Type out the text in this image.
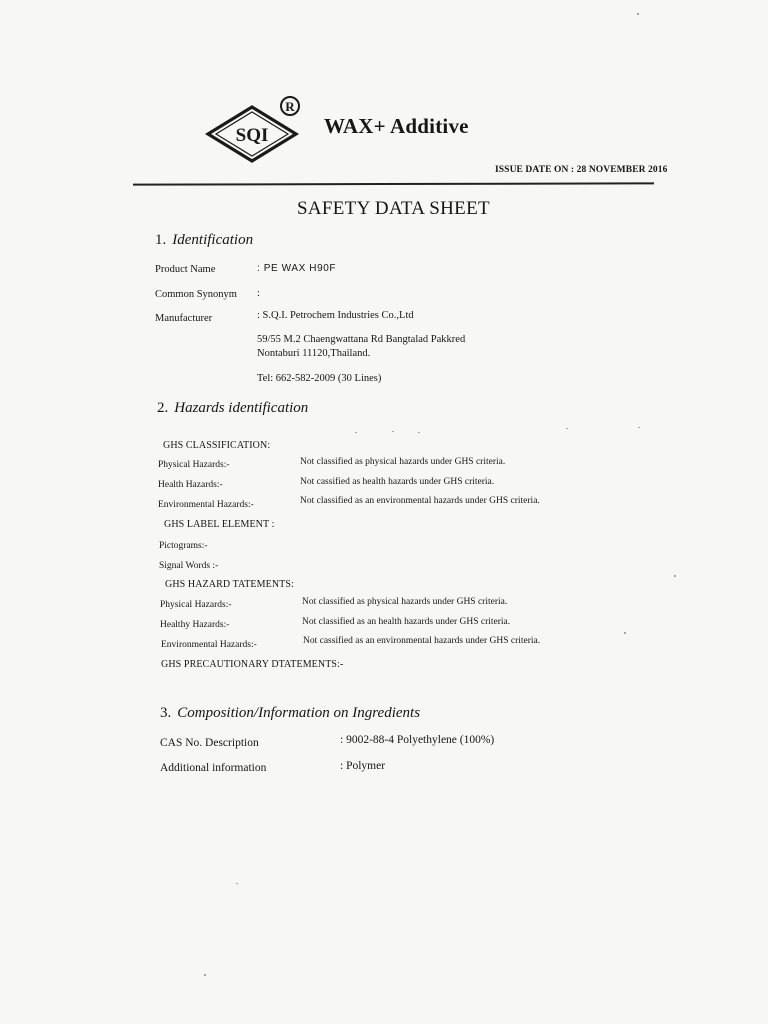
SQI
R
WAX+ Additive
ISSUE DATE ON : 28 NOVEMBER 2016
SAFETY DATA SHEET
1. Identification
Product Name	: PE WAX H90F
Common Synonym :
Manufacturer	: S.Q.I. Petrochem Industries Co.,Ltd
59/55 M.2 Chaengwattana Rd Bangtalad Pakkred
Nontaburi 11120,Thailand.
Tel: 662-582-2009 (30 Lines)
2. Hazards identification
GHS CLASSIFICATION:
Physical Hazards:-	Not classified as physical hazards under GHS criteria.
Health Hazards:-	Not cassified as health hazards under GHS criteria.
Environmental Hazards:-	Not classified as an environmental hazards under GHS criteria.
GHS LABEL ELEMENT :
Pictograms:-
Signal Words :-
GHS HAZARD TATEMENTS:
Physical Hazards:-	Not classified as physical hazards under GHS criteria.
Healthy Hazards:-	Not classified as an health hazards under GHS criteria.
Environmental Hazards:-	Not cassified as an environmental hazards under GHS criteria.
GHS PRECAUTIONARY DTATEMENTS:-
3. Composition/Information on Ingredients
CAS No. Description	: 9002-88-4 Polyethylene (100%)
Additional information	: Polymer
